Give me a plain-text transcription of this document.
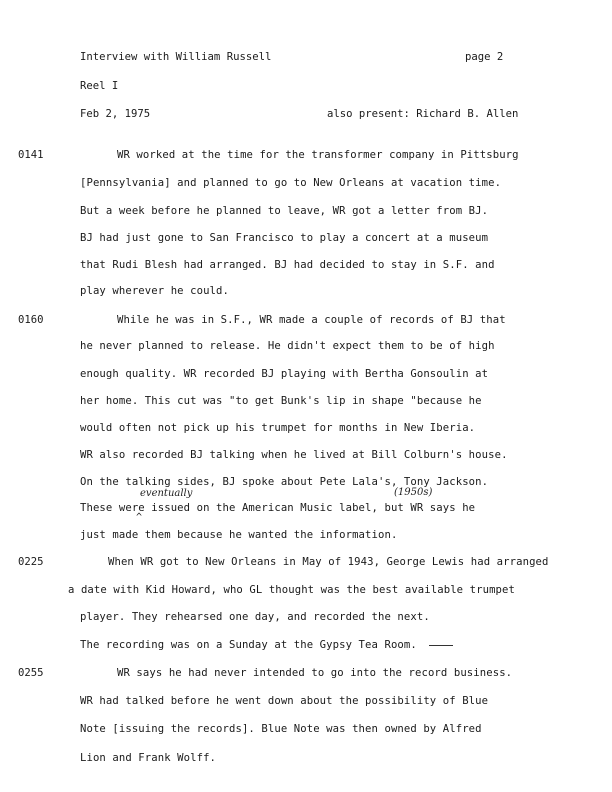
Interview with William Russell	page 2
Reel I
Feb 2, 1975	also present: Richard B. Allen
0141	WR worked at the time for the transformer company in Pittsburg
[Pennsylvania] and planned to go to New Orleans at vacation time.
But a week before he planned to leave, WR got a letter from BJ.
BJ had just gone to San Francisco to play a concert at a museum
that Rudi Blesh had arranged. BJ had decided to stay in S.F. and
play wherever he could.
0160	While he was in S.F., WR made a couple of records of BJ that
he never planned to release. He didn't expect them to be of high
enough quality. WR recorded BJ playing with Bertha Gonsoulin at
her home. This cut was "to get Bunk's lip in shape "because he
would often not pick up his trumpet for months in New Iberia.
WR also recorded BJ talking when he lived at Bill Colburn's house.
On the talking sides, BJ spoke about Pete Lala's, Tony Jackson.
These were issued on the American Music label, but WR says he
just made them because he wanted the information.
eventually
^
(1950s)
0225	When WR got to New Orleans in May of 1943, George Lewis had arranged
a date with Kid Howard, who GL thought was the best available trumpet
player. They rehearsed one day, and recorded the next.
The recording was on a Sunday at the Gypsy Tea Room.
0255	WR says he had never intended to go into the record business.
WR had talked before he went down about the possibility of Blue
Note [issuing the records]. Blue Note was then owned by Alfred
Lion and Frank Wolff.
